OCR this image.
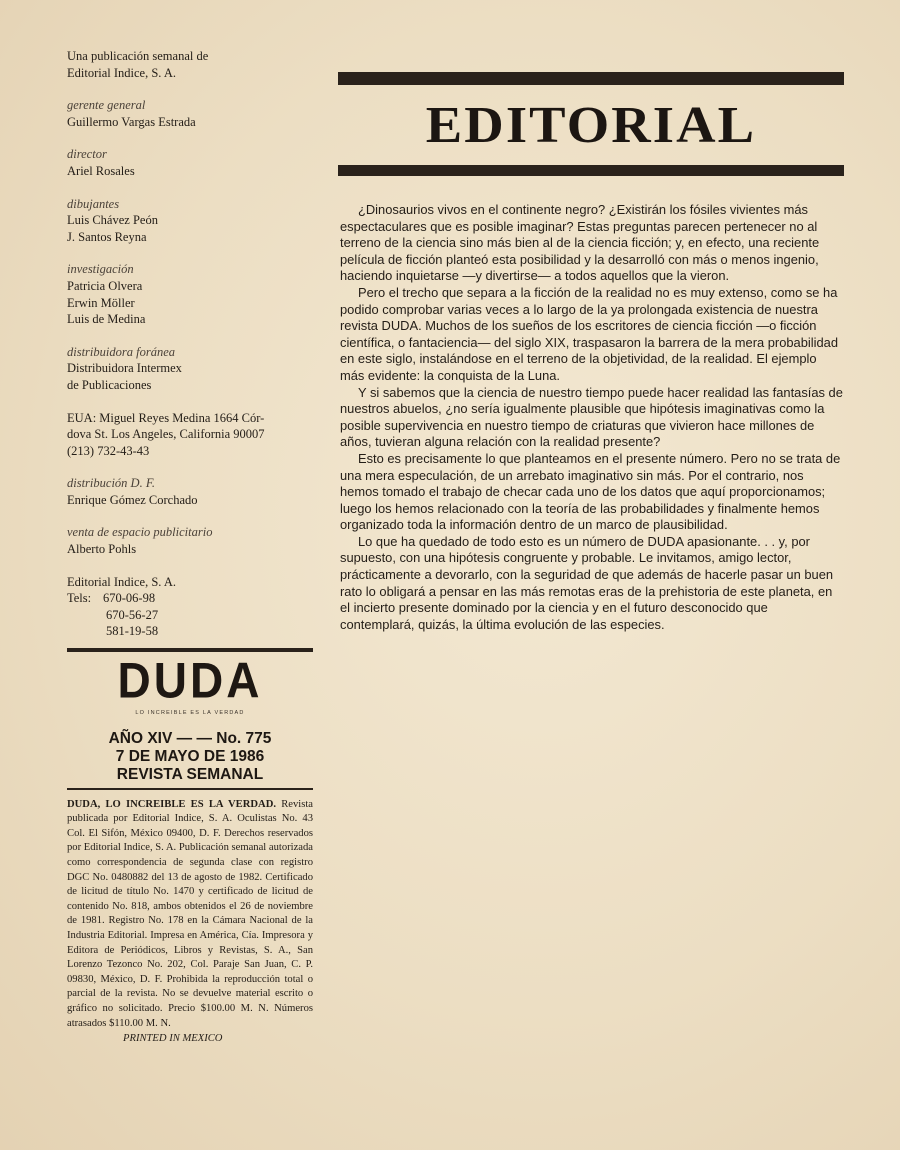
Una publicación semanal de
Editorial Indice, S. A.
gerente general
Guillermo Vargas Estrada
director
Ariel Rosales
dibujantes
Luis Chávez Peón
J. Santos Reyna
investigación
Patricia Olvera
Erwin Möller
Luis de Medina
distribuidora foránea
Distribuidora Intermex
de Publicaciones
EUA: Miguel Reyes Medina 1664 Cór-
dova St. Los Angeles, California 90007
(213) 732-43-43
distribución D. F.
Enrique Gómez Corchado
venta de espacio publicitario
Alberto Pohls
Editorial Indice, S. A.
Tels: 670-06-98
670-56-27
581-19-58
DUDA
LO INCREIBLE ES LA VERDAD
AÑO XIV — — No. 775
7 DE MAYO DE 1986
REVISTA SEMANAL
DUDA, LO INCREIBLE ES LA VERDAD. Revista publicada por Editorial Indice, S. A. Oculistas No. 43 Col. El Sifón, México 09400, D. F. Derechos reservados por Editorial Indice, S. A. Publicación semanal autorizada como correspondencia de segunda clase con registro DGC No. 0480882 del 13 de agosto de 1982. Certificado de licitud de título No. 1470 y certificado de licitud de contenido No. 818, ambos obtenidos el 26 de noviembre de 1981. Registro No. 178 en la Cámara Nacional de la Industria Editorial. Impresa en América, Cía. Impresora y Editora de Periódicos, Libros y Revistas, S. A., San Lorenzo Tezonco No. 202, Col. Paraje San Juan, C. P. 09830, México, D. F. Prohibida la reproducción total o parcial de la revista. No se devuelve material escrito o gráfico no solicitado. Precio $100.00 M. N. Números atrasados $110.00 M. N.
PRINTED IN MEXICO
EDITORIAL

¿Dinosaurios vivos en el continente negro? ¿Existirán los fósiles vivientes más espectaculares que es posible imaginar? Estas preguntas parecen pertenecer no al terreno de la ciencia sino más bien al de la ciencia ficción; y, en efecto, una reciente película de ficción planteó esta posibilidad y la desarrolló con más o menos ingenio, haciendo inquietarse —y divertirse— a todos aquellos que la vieron.

Pero el trecho que separa a la ficción de la realidad no es muy extenso, como se ha podido comprobar varias veces a lo largo de la ya prolongada existencia de nuestra revista DUDA. Muchos de los sueños de los escritores de ciencia ficción —o ficción científica, o fantaciencia— del siglo XIX, traspasaron la barrera de la mera probabilidad en este siglo, instalándose en el terreno de la objetividad, de la realidad. El ejemplo más evidente: la conquista de la Luna.

Y si sabemos que la ciencia de nuestro tiempo puede hacer realidad las fantasías de nuestros abuelos, ¿no sería igualmente plausible que hipótesis imaginativas como la posible supervivencia en nuestro tiempo de criaturas que vivieron hace millones de años, tuvieran alguna relación con la realidad presente?

Esto es precisamente lo que planteamos en el presente número. Pero no se trata de una mera especulación, de un arrebato imaginativo sin más. Por el contrario, nos hemos tomado el trabajo de checar cada uno de los datos que aquí proporcionamos; luego los hemos relacionado con la teoría de las probabilidades y finalmente hemos organizado toda la información dentro de un marco de plausibilidad.

Lo que ha quedado de todo esto es un número de DUDA apasionante. . . y, por supuesto, con una hipótesis congruente y probable. Le invitamos, amigo lector, prácticamente a devorarlo, con la seguridad de que además de hacerle pasar un buen rato lo obligará a pensar en las más remotas eras de la prehistoria de este planeta, en el incierto presente dominado por la ciencia y en el futuro desconocido que contemplará, quizás, la última evolución de las especies.
